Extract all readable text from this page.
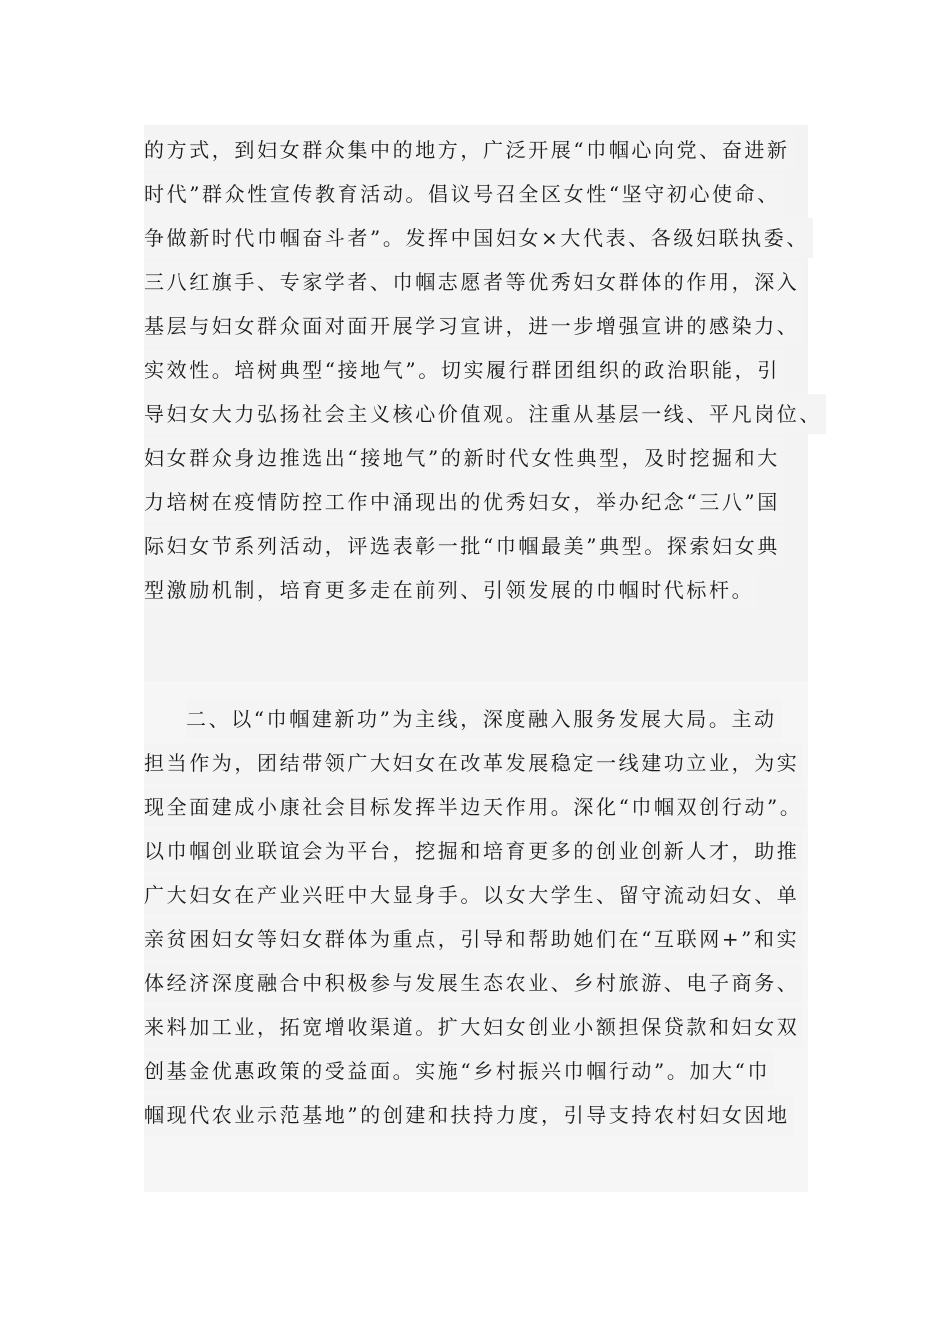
的方式，到妇女群众集中的地方，广泛开展“巾帼心向党、奋进新
时代”群众性宣传教育活动。倡议号召全区女性“坚守初心使命、
争做新时代巾帼奋斗者”。发挥中国妇女×大代表、各级妇联执委、
三八红旗手、专家学者、巾帼志愿者等优秀妇女群体的作用，深入
基层与妇女群众面对面开展学习宣讲，进一步增强宣讲的感染力、
实效性。培树典型“接地气”。切实履行群团组织的政治职能，引
导妇女大力弘扬社会主义核心价值观。注重从基层一线、平凡岗位、
妇女群众身边推选出“接地气”的新时代女性典型，及时挖掘和大
力培树在疫情防控工作中涌现出的优秀妇女，举办纪念“三八”国
际妇女节系列活动，评选表彰一批“巾帼最美”典型。探索妇女典
型激励机制，培育更多走在前列、引领发展的巾帼时代标杆。
二、以“巾帼建新功”为主线，深度融入服务发展大局。主动
担当作为，团结带领广大妇女在改革发展稳定一线建功立业，为实
现全面建成小康社会目标发挥半边天作用。深化“巾帼双创行动”。
以巾帼创业联谊会为平台，挖掘和培育更多的创业创新人才，助推
广大妇女在产业兴旺中大显身手。以女大学生、留守流动妇女、单
亲贫困妇女等妇女群体为重点，引导和帮助她们在“互联网+”和实
体经济深度融合中积极参与发展生态农业、乡村旅游、电子商务、
来料加工业，拓宽增收渠道。扩大妇女创业小额担保贷款和妇女双
创基金优惠政策的受益面。实施“乡村振兴巾帼行动”。加大“巾
帼现代农业示范基地”的创建和扶持力度，引导支持农村妇女因地
